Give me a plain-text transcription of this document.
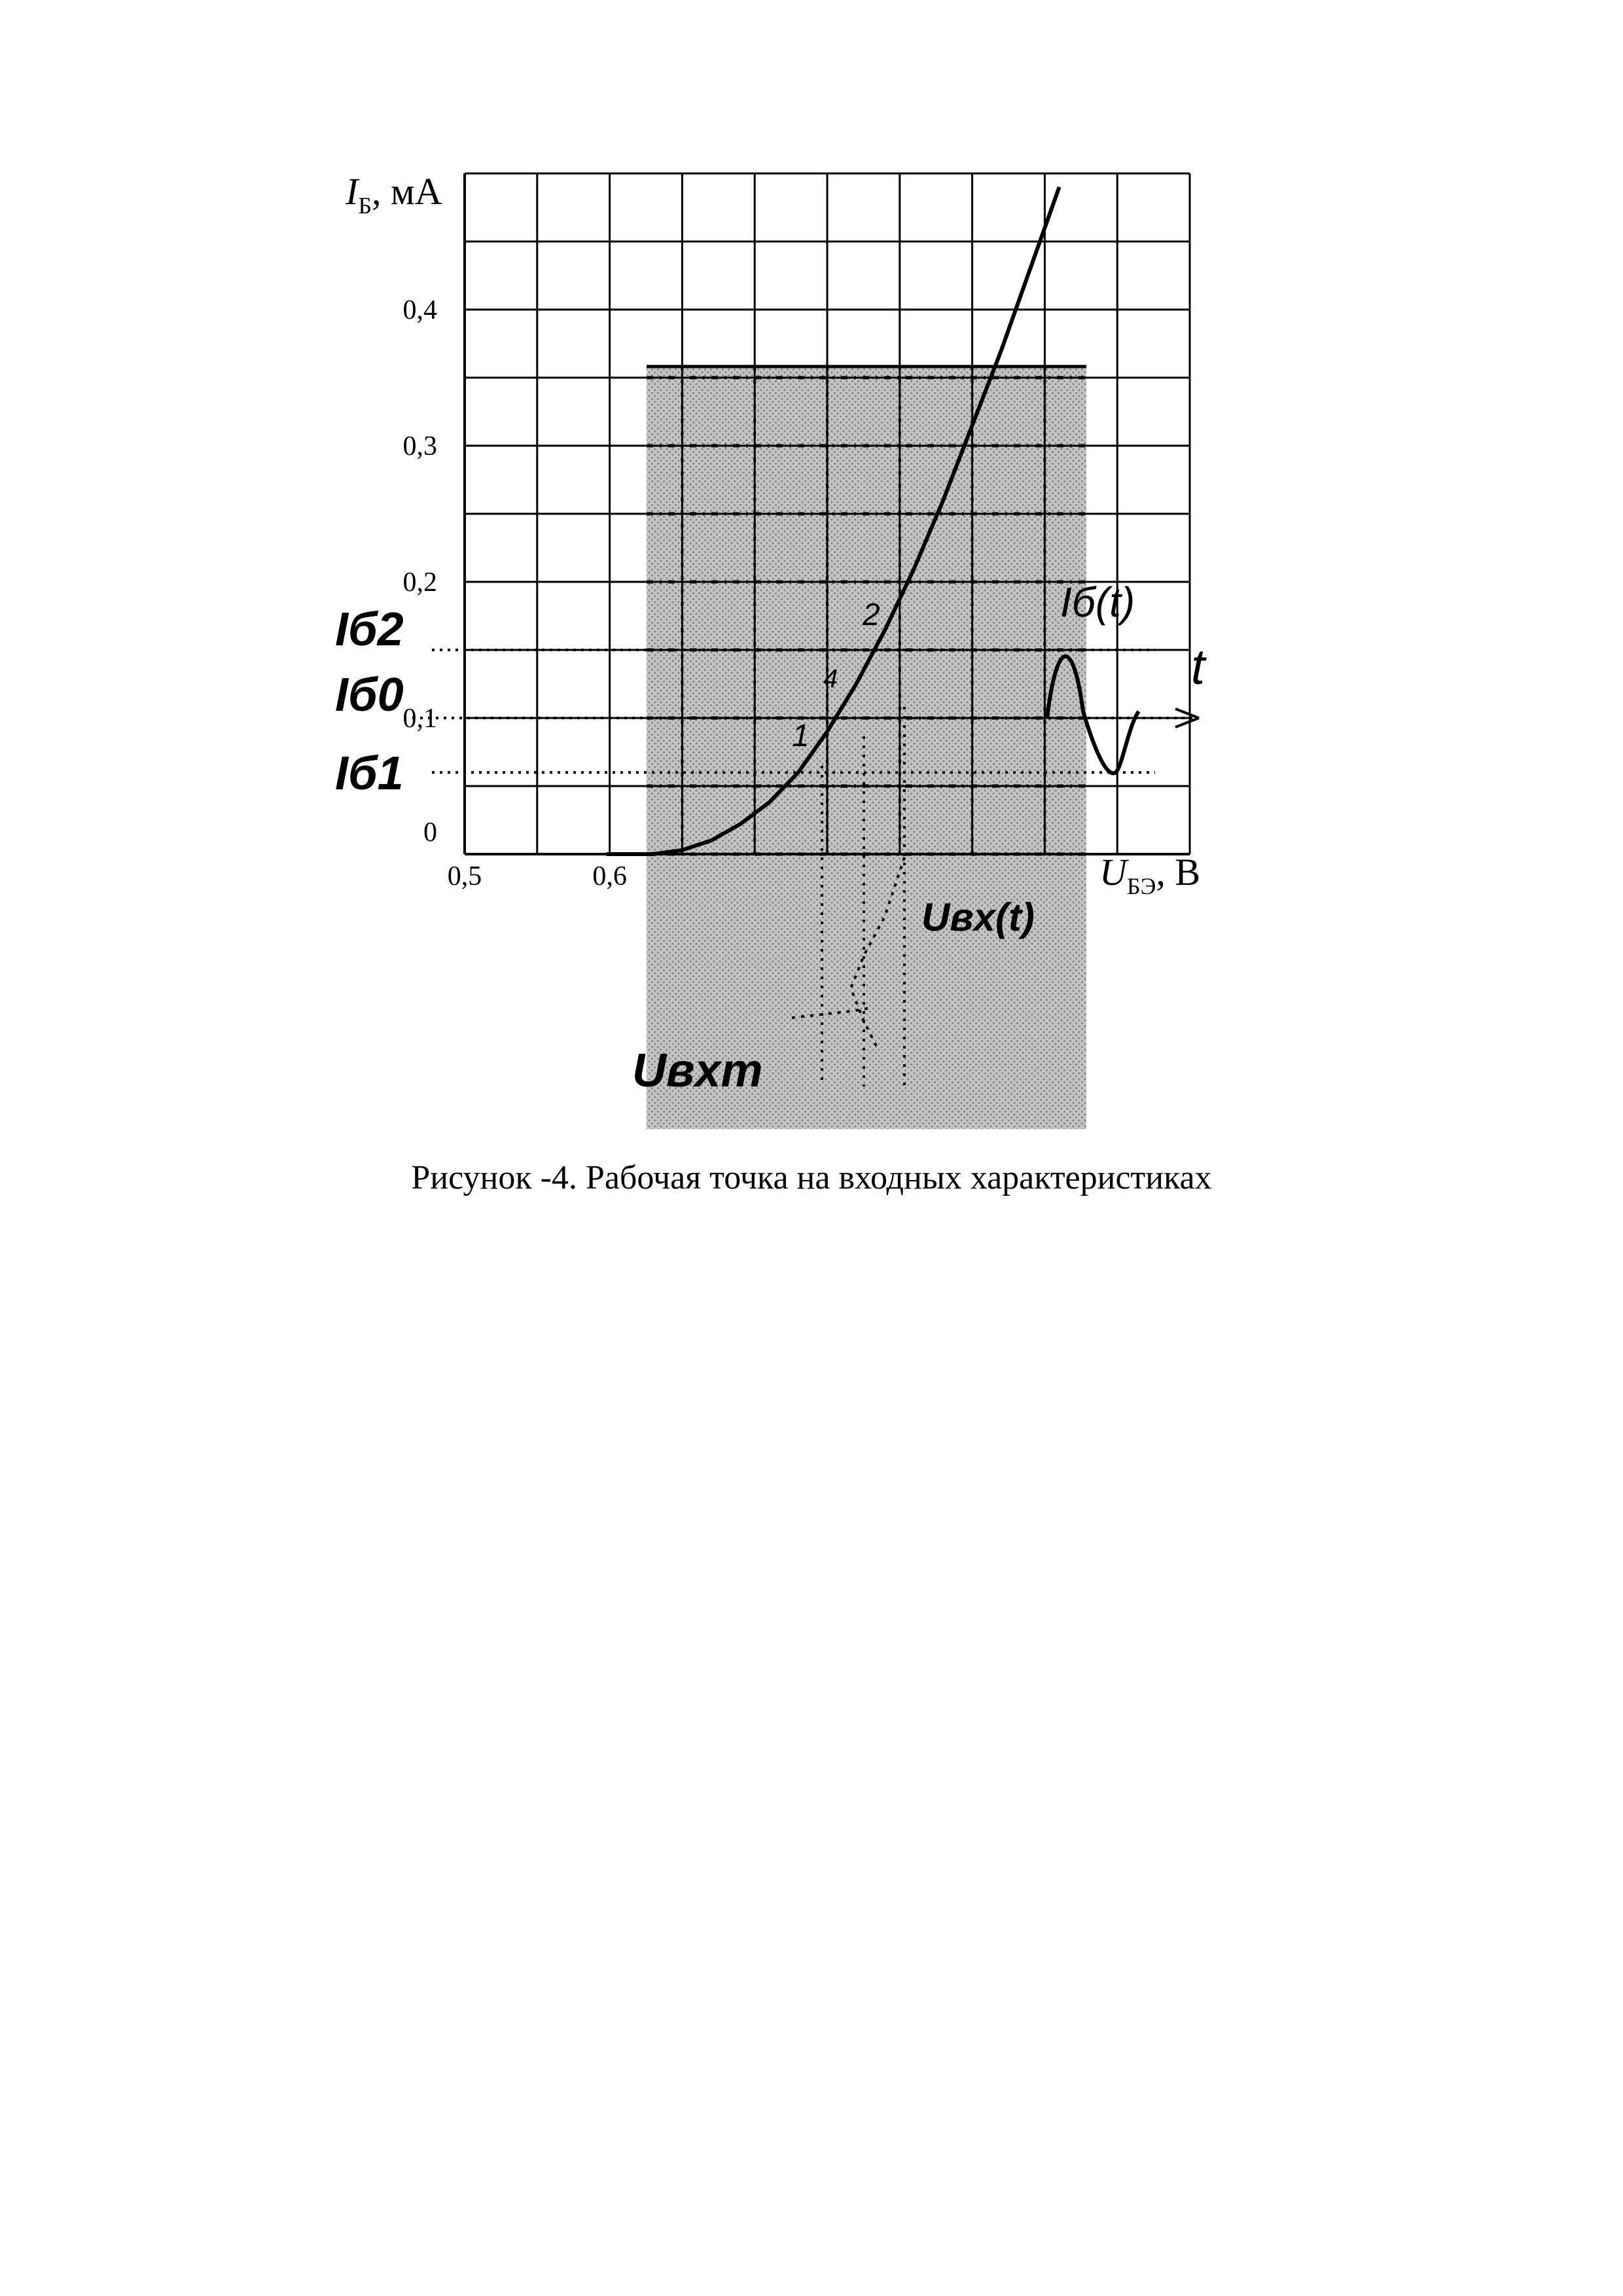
0
0,1
0,2
0,3
0,4
0,5	0,6
$I_Б$, мА
$U_{БЭ}$, В
Iб2
Iб0
Iб1
t
Iб(t)
Uвх(t)
Uвхm
1
2
4
Рисунок -4. Рабочая точка на входных характеристиках
